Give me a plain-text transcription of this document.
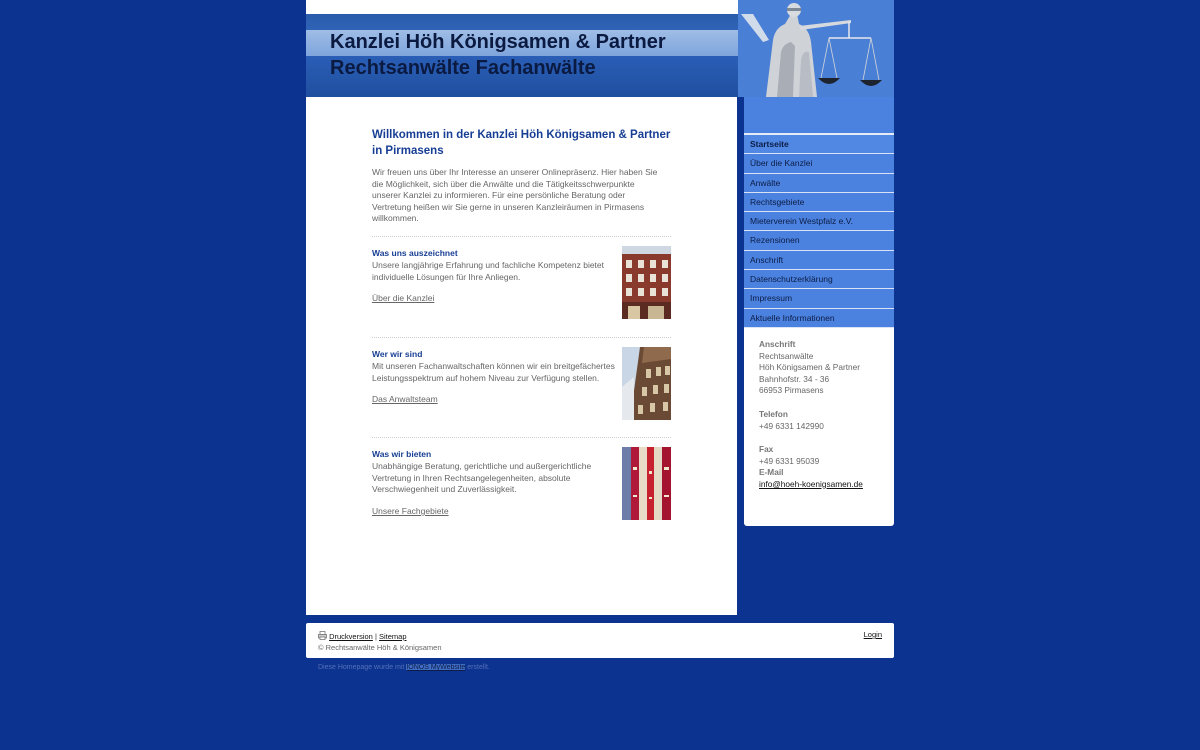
Kanzlei Höh Königsamen & Partner
Rechtsanwälte Fachanwälte
Willkommen in der Kanzlei Höh Königsamen & Partner in Pirmasens

Wir freuen uns über Ihr Interesse an unserer Onlinepräsenz. Hier haben Sie die Möglichkeit, sich über die Anwälte und die Tätigkeitsschwerpunkte unserer Kanzlei zu informieren. Für eine persönliche Beratung oder Vertretung heißen wir Sie gerne in unseren Kanzleiräumen in Pirmasens willkommen.

Was uns auszeichnet
Unsere langjährige Erfahrung und fachliche Kompetenz bietet individuelle Lösungen für Ihre Anliegen.
Über die Kanzlei
Wer wir sind
Mit unseren Fachanwaltschaften können wir ein breitgefächertes Leistungsspektrum auf hohem Niveau zur Verfügung stellen.
Das Anwaltsteam
Was wir bieten
Unabhängige Beratung, gerichtliche und außergerichtliche Vertretung in Ihren Rechtsangelegenheiten, absolute Verschwiegenheit und Zuverlässigkeit.
Unsere Fachgebiete
Startseite
Über die Kanzlei
Anwälte
Rechtsgebiete
Mieterverein Westpfalz e.V.
Rezensionen
Anschrift
Datenschutzerklärung
Impressum
Aktuelle Informationen
Anschrift
Rechtsanwälte
Höh Königsamen & Partner
Bahnhofstr. 34 - 36
66953 Pirmasens
Telefon
+49 6331 142990
Fax
+49 6331 95039
E-Mail
info@hoeh-koenigsamen.de
Druckversion | Sitemap
© Rechtsanwälte Höh & Königsamen
Login
Diese Homepage wurde mit IONOS MyWebsite erstellt.
